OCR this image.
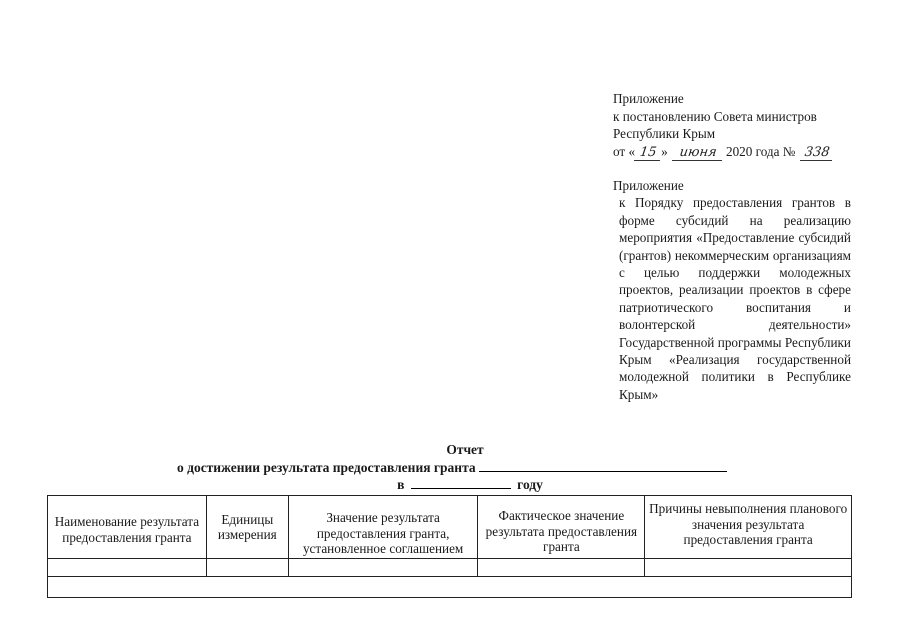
Приложение
к постановлению Совета министров
Республики Крым
от « 15 » июня 2020 года № 338
Приложение
к Порядку предоставления грантов в форме субсидий на реализацию мероприятия «Предоставление субсидий (грантов) некоммерческим организациям с целью поддержки молодежных проектов, реализации проектов в сфере патриотического воспитания и волонтерской деятельности» Государственной программы Республики Крым «Реализация государственной молодежной политики в Республике Крым»
Отчет
о достижении результата предоставления гранта
в	году
Наименование результата предоставления гранта	Единицы измерения	Значение результата предоставления гранта, установленное соглашением	Фактическое значение результата предоставления гранта	Причины невыполнения планового значения результата предоставления гранта
